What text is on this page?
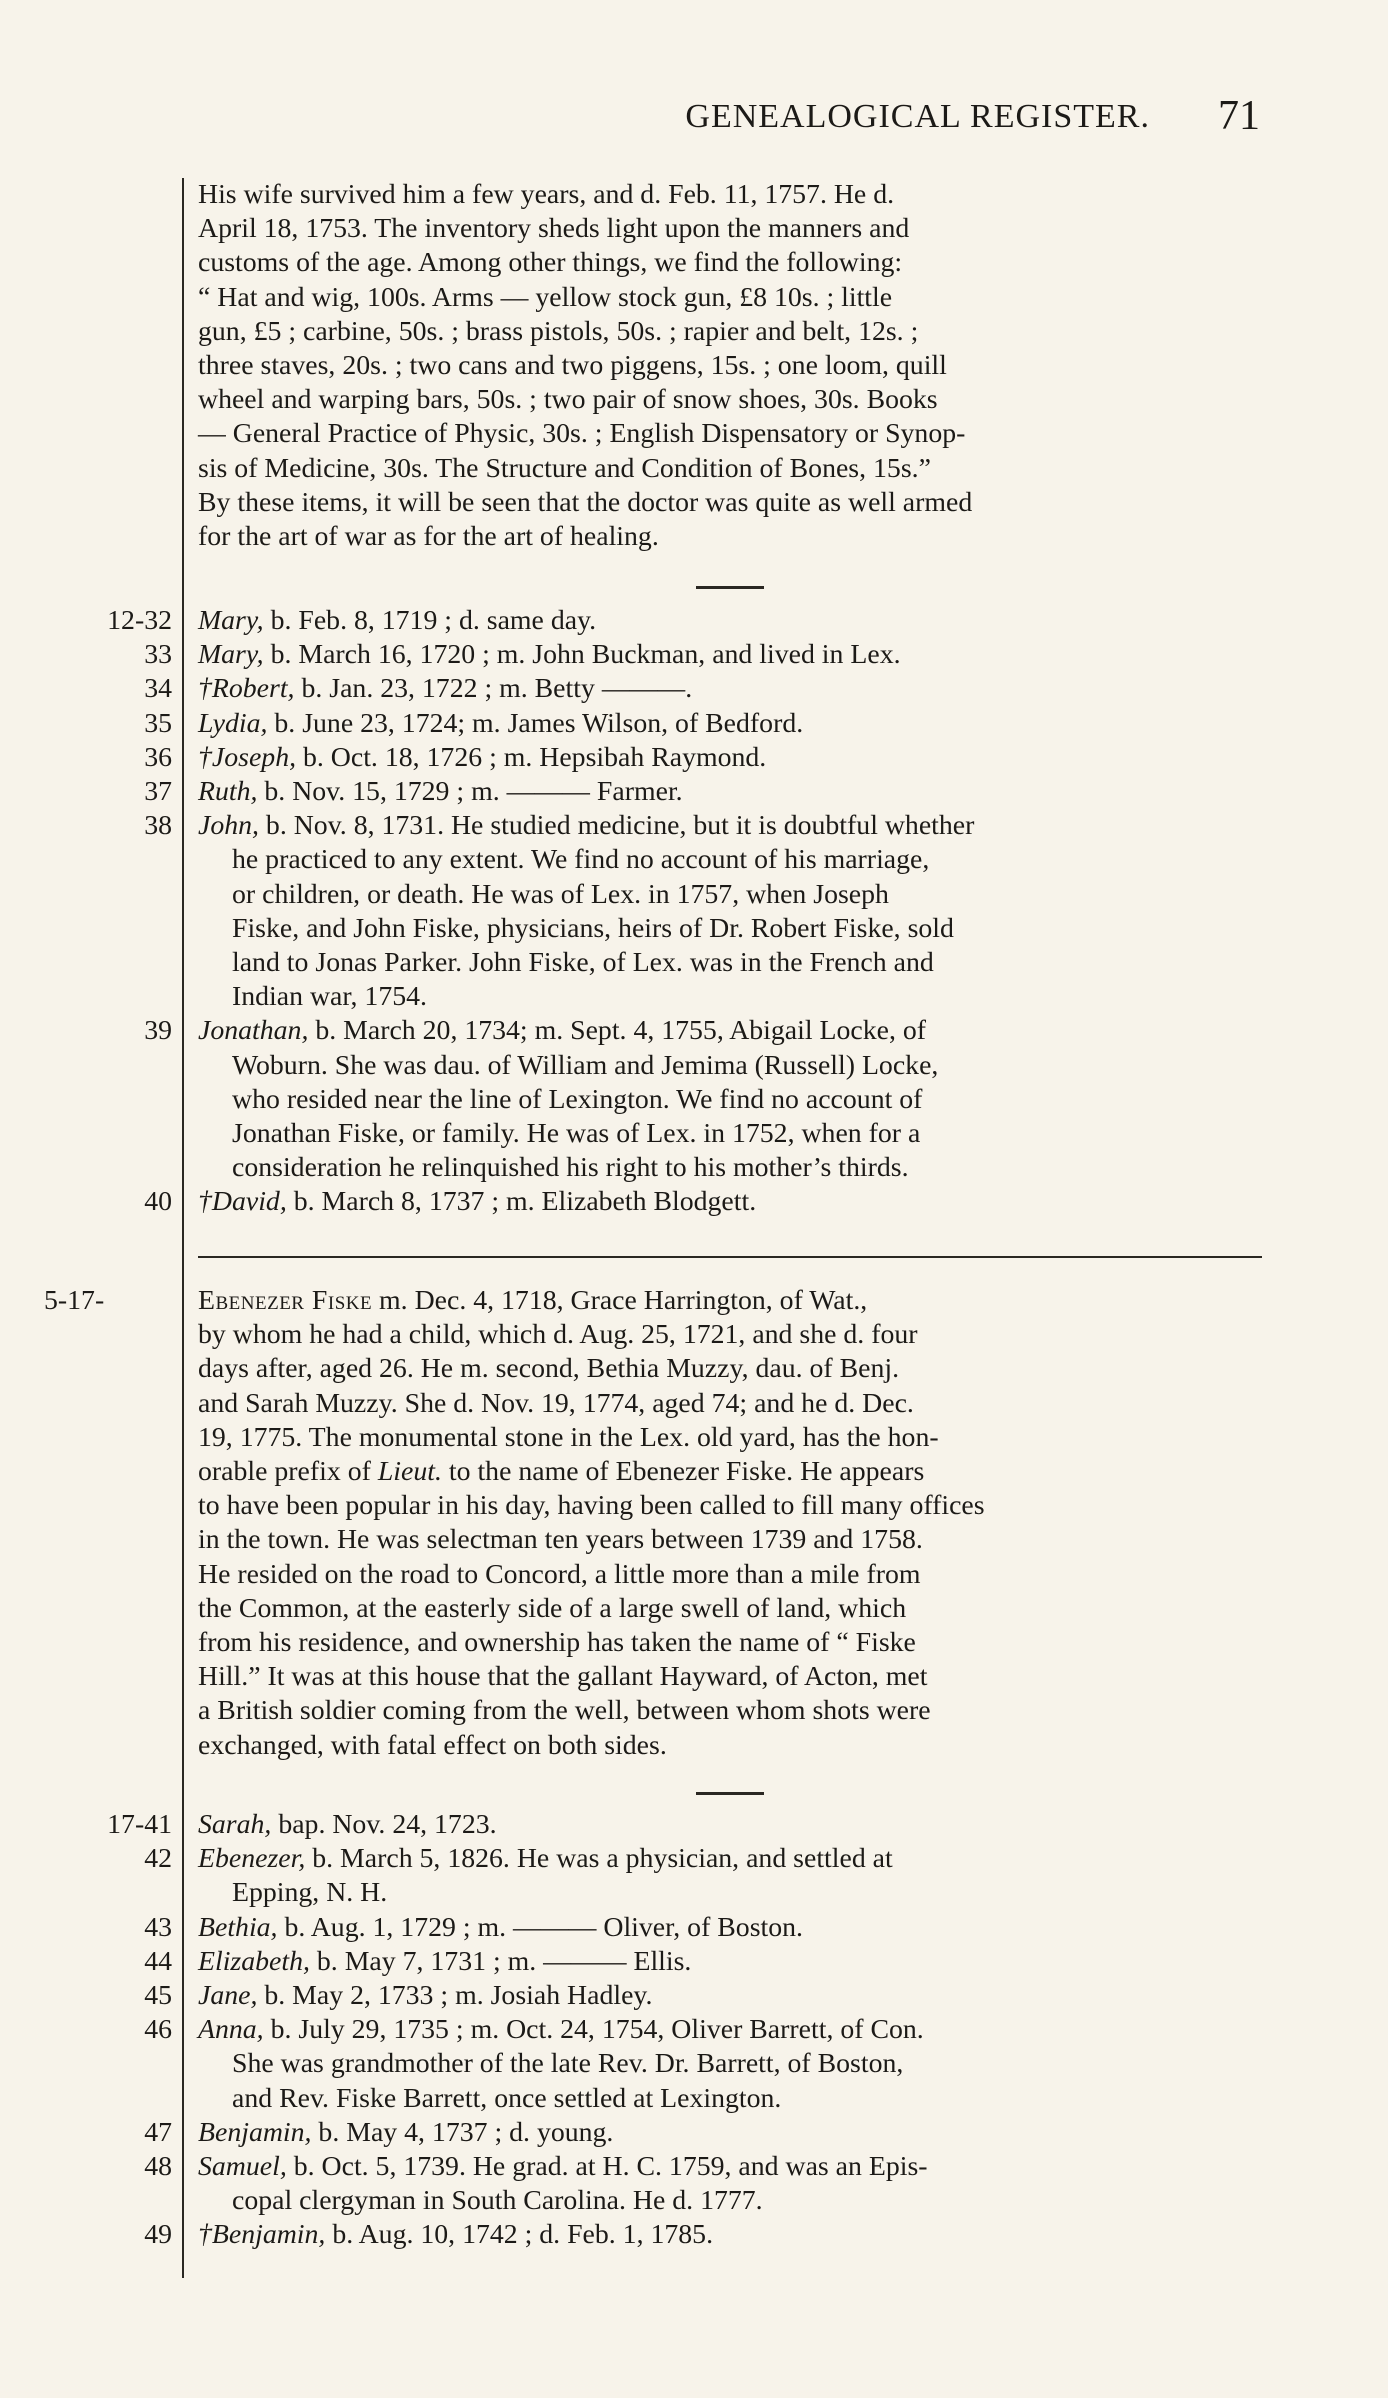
GENEALOGICAL REGISTER. 71
His wife survived him a few years, and d. Feb. 11, 1757. He d.
April 18, 1753. The inventory sheds light upon the manners and
customs of the age. Among other things, we find the following:
“ Hat and wig, 100s. Arms — yellow stock gun, £8 10s. ; little
gun, £5 ; carbine, 50s. ; brass pistols, 50s. ; rapier and belt, 12s. ;
three staves, 20s. ; two cans and two piggens, 15s. ; one loom, quill
wheel and warping bars, 50s. ; two pair of snow shoes, 30s. Books
— General Practice of Physic, 30s. ; English Dispensatory or Synop-
sis of Medicine, 30s. The Structure and Condition of Bones, 15s.”
By these items, it will be seen that the doctor was quite as well armed
for the art of war as for the art of healing.
12-32
33
34
35
36
37
38

39

40
Mary, b. Feb. 8, 1719 ; d. same day.
Mary, b. March 16, 1720 ; m. John Buckman, and lived in Lex.
†Robert, b. Jan. 23, 1722 ; m. Betty ———.
Lydia, b. June 23, 1724; m. James Wilson, of Bedford.
†Joseph, b. Oct. 18, 1726 ; m. Hepsibah Raymond.
Ruth, b. Nov. 15, 1729 ; m. ——— Farmer.
John, b. Nov. 8, 1731. He studied medicine, but it is doubtful whether
he practiced to any extent. We find no account of his marriage,
or children, or death. He was of Lex. in 1757, when Joseph
Fiske, and John Fiske, physicians, heirs of Dr. Robert Fiske, sold
land to Jonas Parker. John Fiske, of Lex. was in the French and
Indian war, 1754.
Jonathan, b. March 20, 1734; m. Sept. 4, 1755, Abigail Locke, of
Woburn. She was dau. of William and Jemima (Russell) Locke,
who resided near the line of Lexington. We find no account of
Jonathan Fiske, or family. He was of Lex. in 1752, when for a
consideration he relinquished his right to his mother’s thirds.
†David, b. March 8, 1737 ; m. Elizabeth Blodgett.
5-17-	Ebenezer Fiske m. Dec. 4, 1718, Grace Harrington, of Wat.,
by whom he had a child, which d. Aug. 25, 1721, and she d. four
days after, aged 26. He m. second, Bethia Muzzy, dau. of Benj.
and Sarah Muzzy. She d. Nov. 19, 1774, aged 74; and he d. Dec.
19, 1775. The monumental stone in the Lex. old yard, has the hon-
orable prefix of Lieut. to the name of Ebenezer Fiske. He appears
to have been popular in his day, having been called to fill many offices
in the town. He was selectman ten years between 1739 and 1758.
He resided on the road to Concord, a little more than a mile from
the Common, at the easterly side of a large swell of land, which
from his residence, and ownership has taken the name of “ Fiske
Hill.” It was at this house that the gallant Hayward, of Acton, met
a British soldier coming from the well, between whom shots were
exchanged, with fatal effect on both sides.
17-41
42

43
44
45
46

47
48

49
Sarah, bap. Nov. 24, 1723.
Ebenezer, b. March 5, 1826. He was a physician, and settled at
Epping, N. H.
Bethia, b. Aug. 1, 1729 ; m. ——— Oliver, of Boston.
Elizabeth, b. May 7, 1731 ; m. ——— Ellis.
Jane, b. May 2, 1733 ; m. Josiah Hadley.
Anna, b. July 29, 1735 ; m. Oct. 24, 1754, Oliver Barrett, of Con.
She was grandmother of the late Rev. Dr. Barrett, of Boston,
and Rev. Fiske Barrett, once settled at Lexington.
Benjamin, b. May 4, 1737 ; d. young.
Samuel, b. Oct. 5, 1739. He grad. at H. C. 1759, and was an Epis-
copal clergyman in South Carolina. He d. 1777.
†Benjamin, b. Aug. 10, 1742 ; d. Feb. 1, 1785.
